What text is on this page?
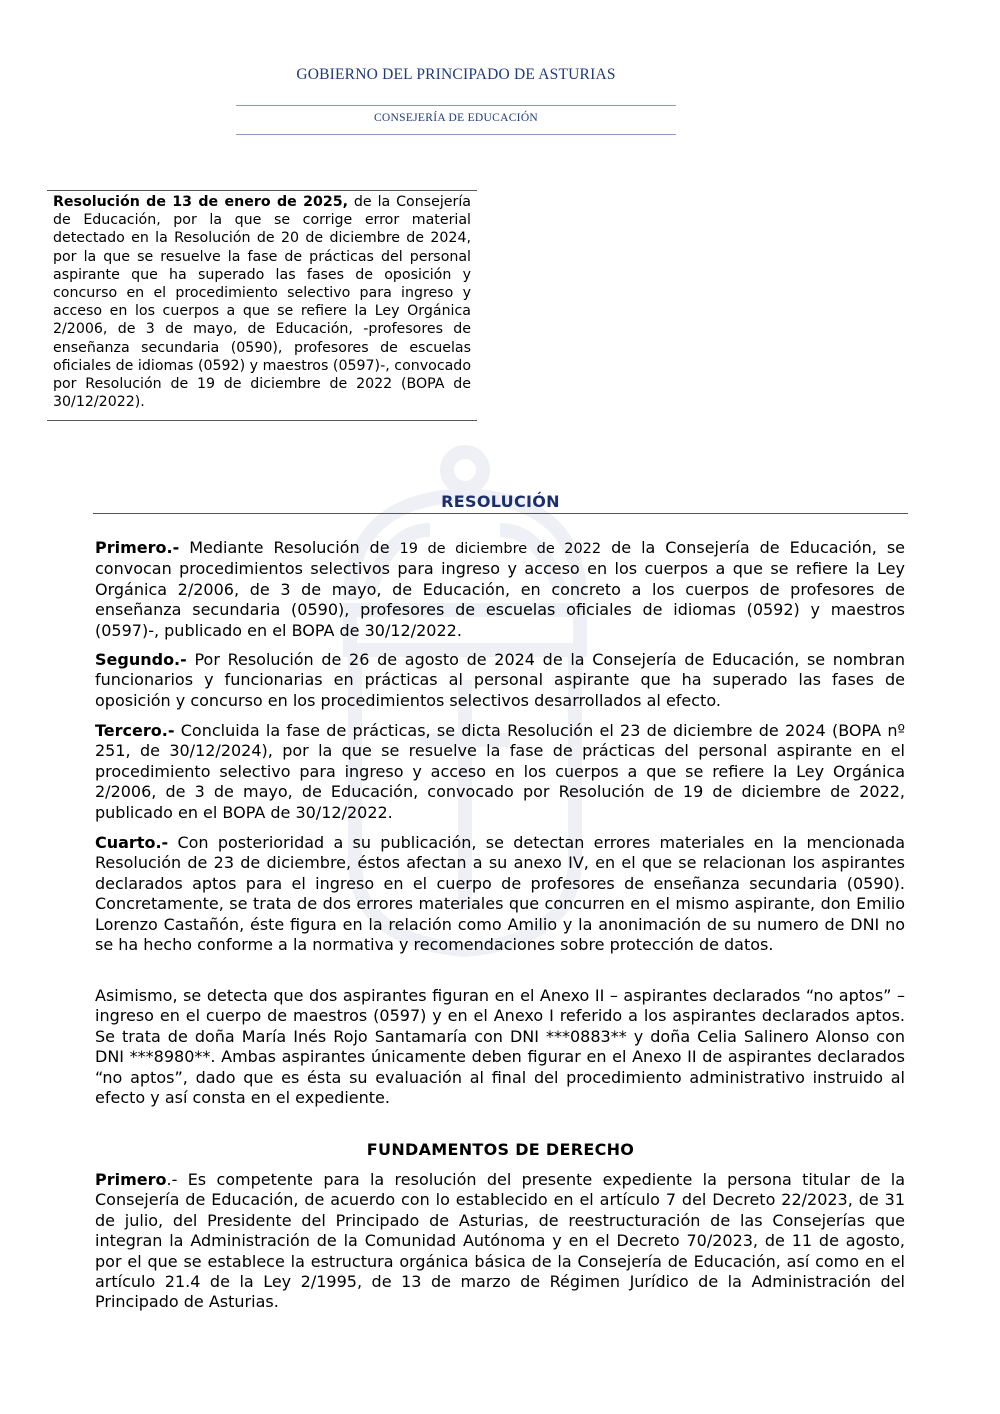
GOBIERNO DEL PRINCIPADO DE ASTURIAS
CONSEJERÍA DE EDUCACIÓN
Resolución de 13 de enero de 2025, de la Consejería de Educación, por la que se corrige error material detectado en la Resolución de 20 de diciembre de 2024, por la que se resuelve la fase de prácticas del personal aspirante que ha superado las fases de oposición y concurso en el procedimiento selectivo para ingreso y acceso en los cuerpos a que se refiere la Ley Orgánica 2/2006, de 3 de mayo, de Educación, -profesores de enseñanza secundaria (0590), profesores de escuelas oficiales de idiomas (0592) y maestros (0597)-, convocado por Resolución de 19 de diciembre de 2022 (BOPA de 30/12/2022).
RESOLUCIÓN
Primero.- Mediante Resolución de 19 de diciembre de 2022 de la Consejería de Educación, se convocan procedimientos selectivos para ingreso y acceso en los cuerpos a que se refiere la Ley Orgánica 2/2006, de 3 de mayo, de Educación, en concreto a los cuerpos de profesores de enseñanza secundaria (0590), profesores de escuelas oficiales de idiomas (0592) y maestros (0597)-, publicado en el BOPA de 30/12/2022.
Segundo.- Por Resolución de 26 de agosto de 2024 de la Consejería de Educación, se nombran funcionarios y funcionarias en prácticas al personal aspirante que ha superado las fases de oposición y concurso en los procedimientos selectivos desarrollados al efecto.
Tercero.- Concluida la fase de prácticas, se dicta Resolución el 23 de diciembre de 2024 (BOPA nº 251, de 30/12/2024), por la que se resuelve la fase de prácticas del personal aspirante en el procedimiento selectivo para ingreso y acceso en los cuerpos a que se refiere la Ley Orgánica 2/2006, de 3 de mayo, de Educación, convocado por Resolución de 19 de diciembre de 2022, publicado en el BOPA de 30/12/2022.
Cuarto.- Con posterioridad a su publicación, se detectan errores materiales en la mencionada Resolución de 23 de diciembre, éstos afectan a su anexo IV, en el que se relacionan los aspirantes declarados aptos para el ingreso en el cuerpo de profesores de enseñanza secundaria (0590). Concretamente, se trata de dos errores materiales que concurren en el mismo aspirante, don Emilio Lorenzo Castañón, éste figura en la relación como Amilio y la anonimación de su numero de DNI no se ha hecho conforme a la normativa y recomendaciones sobre protección de datos.
Asimismo, se detecta que dos aspirantes figuran en el Anexo II – aspirantes declarados “no aptos” – ingreso en el cuerpo de maestros (0597) y en el Anexo I referido a los aspirantes declarados aptos. Se trata de doña María Inés Rojo Santamaría con DNI ***0883** y doña Celia Salinero Alonso con DNI ***8980**. Ambas aspirantes únicamente deben figurar en el Anexo II de aspirantes declarados “no aptos”, dado que es ésta su evaluación al final del procedimiento administrativo instruido al efecto y así consta en el expediente.
FUNDAMENTOS DE DERECHO
Primero.- Es competente para la resolución del presente expediente la persona titular de la Consejería de Educación, de acuerdo con lo establecido en el artículo 7 del Decreto 22/2023, de 31 de julio, del Presidente del Principado de Asturias, de reestructuración de las Consejerías que integran la Administración de la Comunidad Autónoma y en el Decreto 70/2023, de 11 de agosto, por el que se establece la estructura orgánica básica de la Consejería de Educación, así como en el artículo 21.4 de la Ley 2/1995, de 13 de marzo de Régimen Jurídico de la Administración del Principado de Asturias.
